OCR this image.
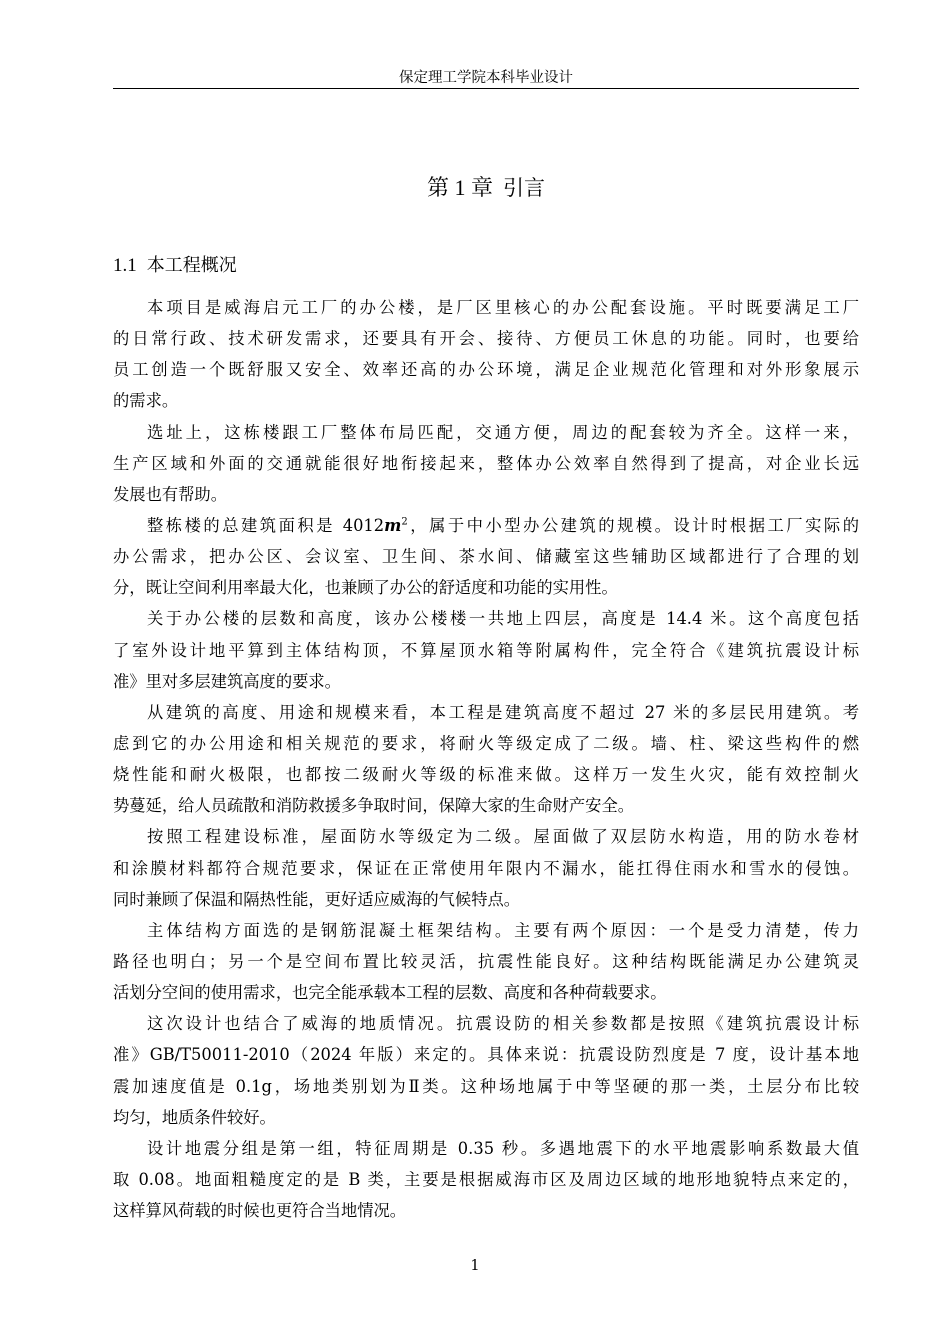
保定理工学院本科毕业设计
第 1 章 引言
1.1 本工程概况
本项目是威海启元工厂的办公楼，是厂区里核心的办公配套设施。平时既要满足工厂
的日常行政、技术研发需求，还要具有开会、接待、方便员工休息的功能。同时，也要给
员工创造一个既舒服又安全、效率还高的办公环境，满足企业规范化管理和对外形象展示
的需求。
选址上，这栋楼跟工厂整体布局匹配，交通方便，周边的配套较为齐全。这样一来，
生产区域和外面的交通就能很好地衔接起来，整体办公效率自然得到了提高，对企业长远
发展也有帮助。
整栋楼的总建筑面积是 $4012m^2$，属于中小型办公建筑的规模。设计时根据工厂实际的
办公需求，把办公区、会议室、卫生间、茶水间、储藏室这些辅助区域都进行了合理的划
分，既让空间利用率最大化，也兼顾了办公的舒适度和功能的实用性。
关于办公楼的层数和高度，该办公楼楼一共地上四层，高度是 14.4 米。这个高度包括
了室外设计地平算到主体结构顶，不算屋顶水箱等附属构件，完全符合《建筑抗震设计标
准》里对多层建筑高度的要求。
从建筑的高度、用途和规模来看，本工程是建筑高度不超过 27 米的多层民用建筑。考
虑到它的办公用途和相关规范的要求，将耐火等级定成了二级。墙、柱、梁这些构件的燃
烧性能和耐火极限，也都按二级耐火等级的标准来做。这样万一发生火灾，能有效控制火
势蔓延，给人员疏散和消防救援多争取时间，保障大家的生命财产安全。
按照工程建设标准，屋面防水等级定为二级。屋面做了双层防水构造，用的防水卷材
和涂膜材料都符合规范要求，保证在正常使用年限内不漏水，能扛得住雨水和雪水的侵蚀。
同时兼顾了保温和隔热性能，更好适应威海的气候特点。
主体结构方面选的是钢筋混凝土框架结构。主要有两个原因：一个是受力清楚，传力
路径也明白；另一个是空间布置比较灵活，抗震性能良好。这种结构既能满足办公建筑灵
活划分空间的使用需求，也完全能承载本工程的层数、高度和各种荷载要求。
这次设计也结合了威海的地质情况。抗震设防的相关参数都是按照《建筑抗震设计标
准》GB/T50011-2010（2024 年版）来定的。具体来说：抗震设防烈度是 7 度，设计基本地
震加速度值是 0.1g，场地类别划为Ⅱ类。这种场地属于中等坚硬的那一类，土层分布比较
均匀，地质条件较好。
设计地震分组是第一组，特征周期是 0.35 秒。多遇地震下的水平地震影响系数最大值
取 0.08。地面粗糙度定的是 B 类，主要是根据威海市区及周边区域的地形地貌特点来定的，
这样算风荷载的时候也更符合当地情况。
1
